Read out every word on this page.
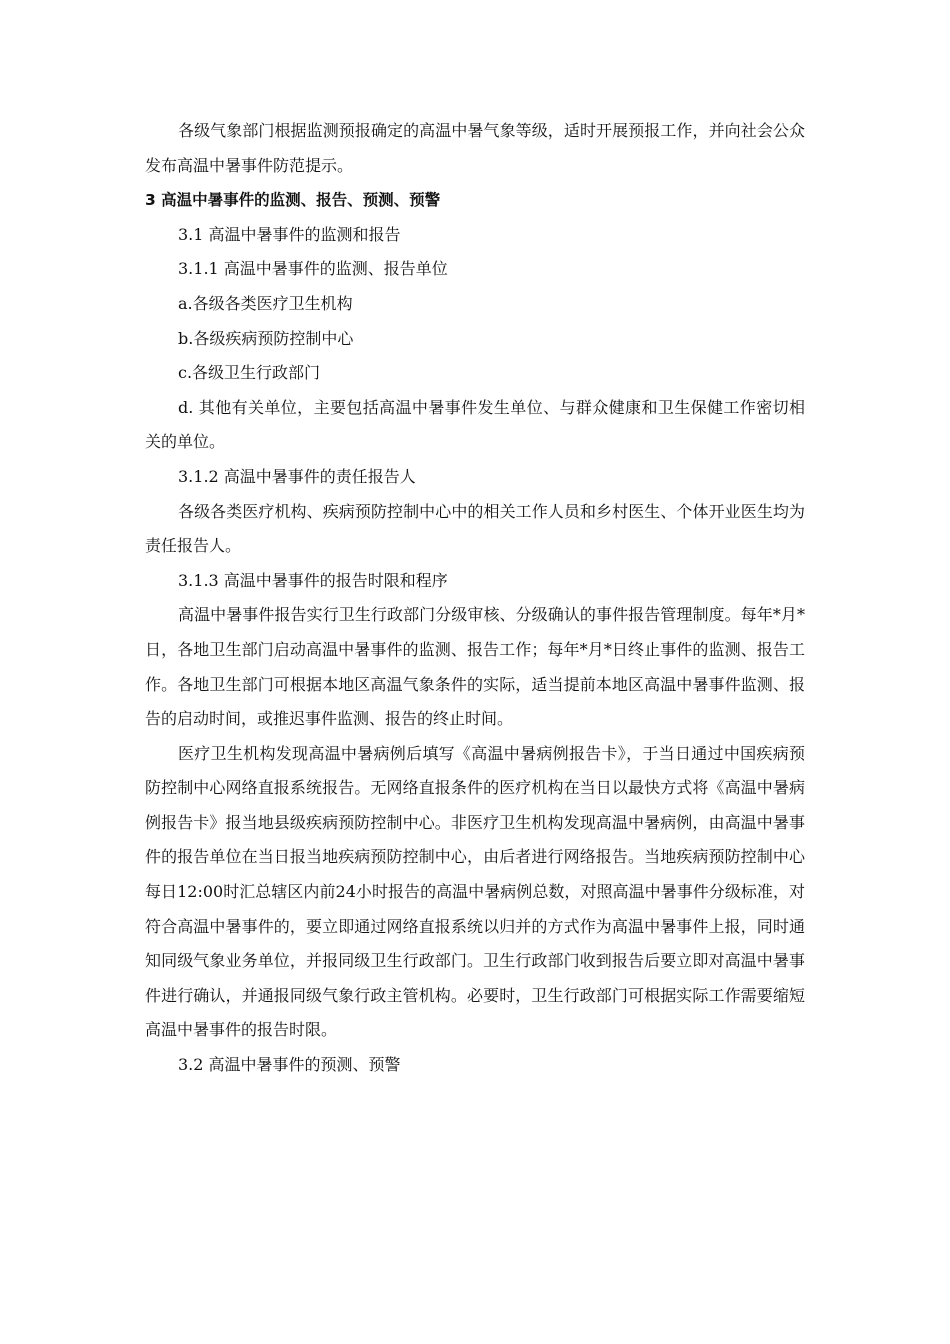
各级气象部门根据监测预报确定的高温中暑气象等级，适时开展预报工作，并向社会公众发布高温中暑事件防范提示。

3 高温中暑事件的监测、报告、预测、预警

3.1 高温中暑事件的监测和报告

3.1.1 高温中暑事件的监测、报告单位

a.各级各类医疗卫生机构

b.各级疾病预防控制中心

c.各级卫生行政部门

d. 其他有关单位，主要包括高温中暑事件发生单位、与群众健康和卫生保健工作密切相关的单位。

3.1.2 高温中暑事件的责任报告人

各级各类医疗机构、疾病预防控制中心中的相关工作人员和乡村医生、个体开业医生均为责任报告人。

3.1.3 高温中暑事件的报告时限和程序

高温中暑事件报告实行卫生行政部门分级审核、分级确认的事件报告管理制度。每年*月*日，各地卫生部门启动高温中暑事件的监测、报告工作；每年*月*日终止事件的监测、报告工作。各地卫生部门可根据本地区高温气象条件的实际，适当提前本地区高温中暑事件监测、报告的启动时间，或推迟事件监测、报告的终止时间。

医疗卫生机构发现高温中暑病例后填写《高温中暑病例报告卡》，于当日通过中国疾病预防控制中心网络直报系统报告。无网络直报条件的医疗机构在当日以最快方式将《高温中暑病例报告卡》报当地县级疾病预防控制中心。非医疗卫生机构发现高温中暑病例，由高温中暑事件的报告单位在当日报当地疾病预防控制中心，由后者进行网络报告。当地疾病预防控制中心每日12:00时汇总辖区内前24小时报告的高温中暑病例总数，对照高温中暑事件分级标准，对符合高温中暑事件的，要立即通过网络直报系统以归并的方式作为高温中暑事件上报，同时通知同级气象业务单位，并报同级卫生行政部门。卫生行政部门收到报告后要立即对高温中暑事件进行确认，并通报同级气象行政主管机构。必要时，卫生行政部门可根据实际工作需要缩短高温中暑事件的报告时限。

3.2 高温中暑事件的预测、预警
